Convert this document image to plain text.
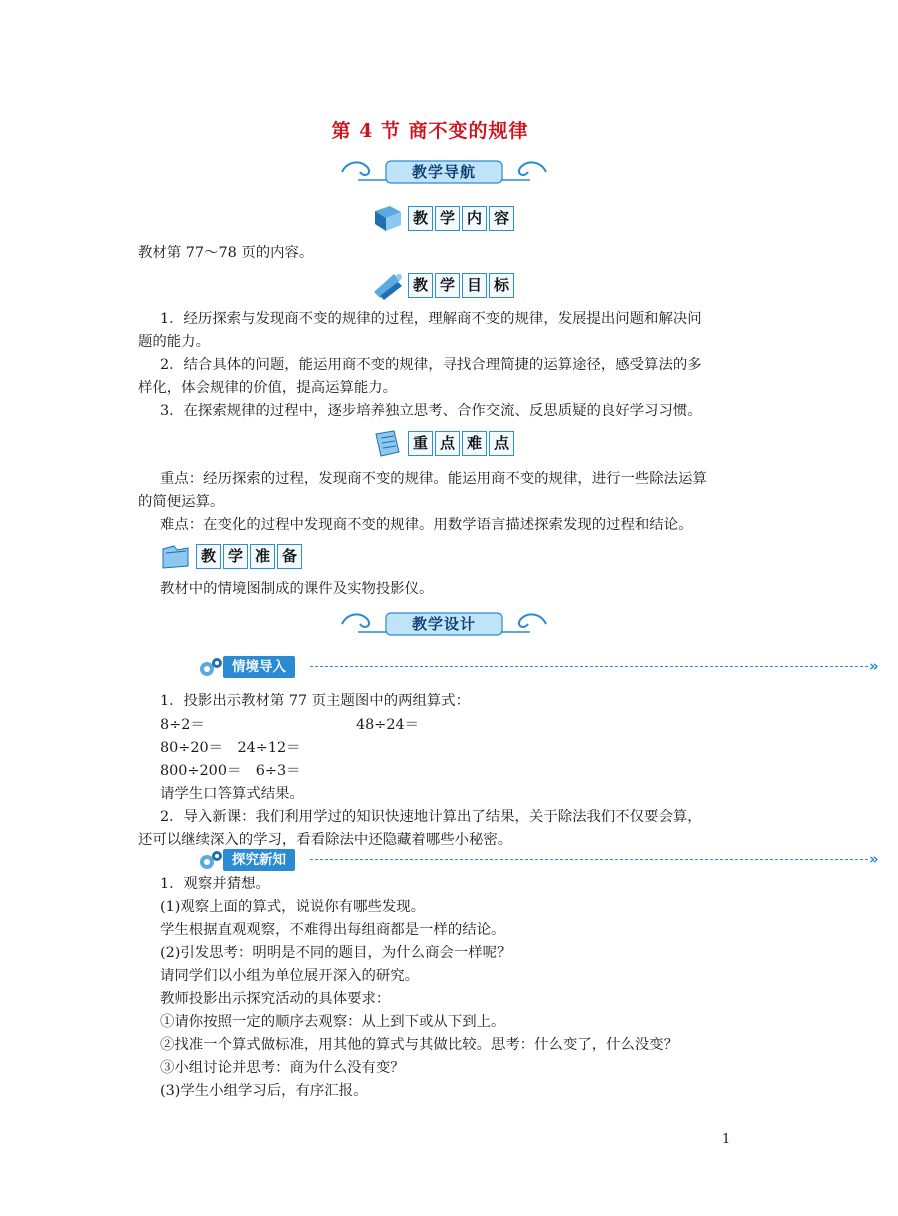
第 4 节 商不变的规律
教学导航
教 学 内 容
教材第 77～78 页的内容。
教 学 目 标
1．经历探索与发现商不变的规律的过程，理解商不变的规律，发展提出问题和解决问
题的能力。
2．结合具体的问题，能运用商不变的规律，寻找合理简捷的运算途径，感受算法的多
样化，体会规律的价值，提高运算能力。
3．在探索规律的过程中，逐步培养独立思考、合作交流、反思质疑的良好学习习惯。
重 点 难 点
重点：经历探索的过程，发现商不变的规律。能运用商不变的规律，进行一些除法运算
的简便运算。
难点：在变化的过程中发现商不变的规律。用数学语言描述探索发现的过程和结论。
教 学 准 备
教材中的情境图制成的课件及实物投影仪。
教学设计
情境导入	»
1．投影出示教材第 77 页主题图中的两组算式：
8÷2＝	48÷24＝
80÷20＝　24÷12＝
800÷200＝　6÷3＝
请学生口答算式结果。
2．导入新课：我们利用学过的知识快速地计算出了结果，关于除法我们不仅要会算，
还可以继续深入的学习，看看除法中还隐藏着哪些小秘密。
探究新知	»
1．观察并猜想。
(1)观察上面的算式，说说你有哪些发现。
学生根据直观观察，不难得出每组商都是一样的结论。
(2)引发思考：明明是不同的题目，为什么商会一样呢？
请同学们以小组为单位展开深入的研究。
教师投影出示探究活动的具体要求：
①请你按照一定的顺序去观察：从上到下或从下到上。
②找准一个算式做标准，用其他的算式与其做比较。思考：什么变了，什么没变？
③小组讨论并思考：商为什么没有变？
(3)学生小组学习后，有序汇报。
1
